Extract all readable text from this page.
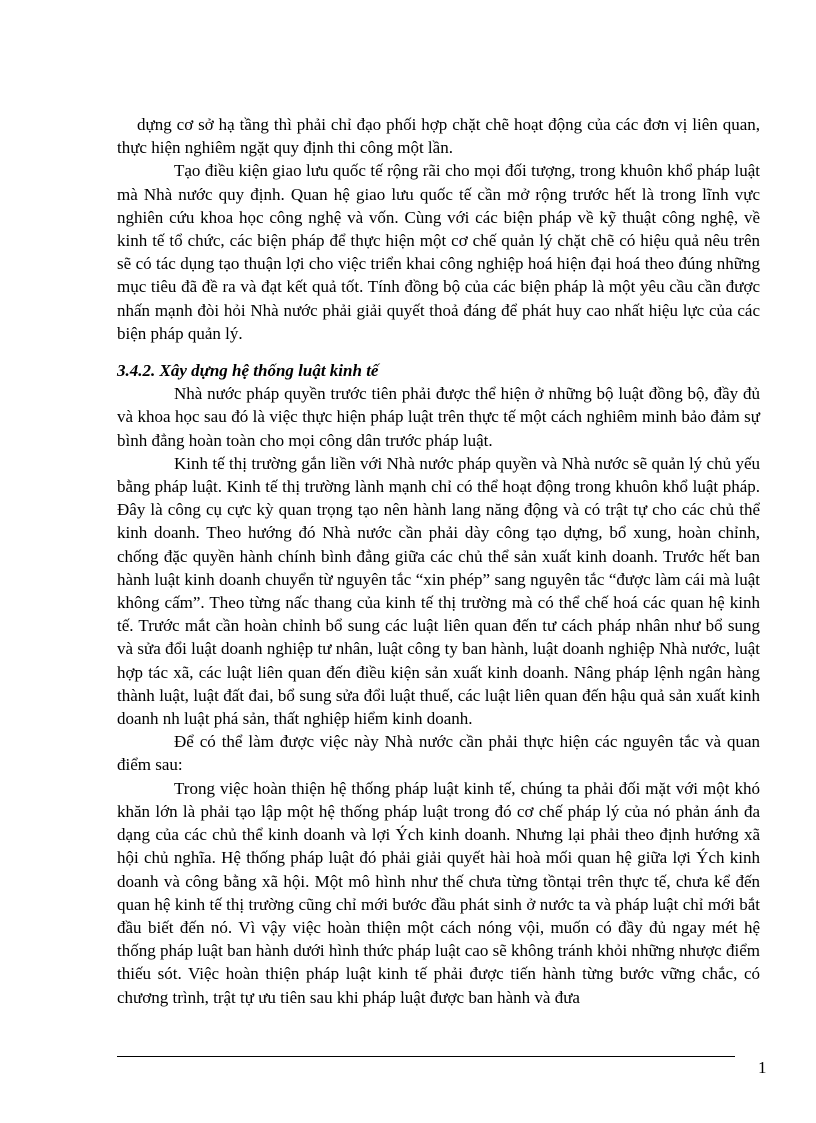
dựng cơ sở hạ tầng thì phải chỉ đạo phối hợp chặt chẽ hoạt động của các đơn vị liên quan, thực hiện nghiêm ngặt quy định thi công một lần.

Tạo điều kiện giao lưu quốc tế rộng rãi cho mọi đối tượng, trong khuôn khổ pháp luật mà Nhà nước quy định. Quan hệ giao lưu quốc tế cần mở rộng trước hết là trong lĩnh vực nghiên cứu khoa học công nghệ và vốn. Cùng với các biện pháp về kỹ thuật công nghệ, về kinh tế tổ chức, các biện pháp để thực hiện một cơ chế quản lý chặt chẽ có hiệu quả nêu trên sẽ có tác dụng tạo thuận lợi cho việc triển khai công nghiệp hoá hiện đại hoá theo đúng những mục tiêu đã đề ra và đạt kết quả tốt. Tính đồng bộ của các biện pháp là một yêu cầu cần được nhấn mạnh đòi hỏi Nhà nước phải giải quyết thoả đáng để phát huy cao nhất hiệu lực của các biện pháp quản lý.

3.4.2. Xây dựng hệ thống luật kinh tế

Nhà nước pháp quyền trước tiên phải được thể hiện ở những bộ luật đồng bộ, đầy đủ và khoa học sau đó là việc thực hiện pháp luật trên thực tế một cách nghiêm minh bảo đảm sự bình đẳng hoàn toàn cho mọi công dân trước pháp luật.

Kinh tế thị trường gắn liền với Nhà nước pháp quyền và Nhà nước sẽ quản lý chủ yếu bằng pháp luật. Kinh tế thị trường lành mạnh chỉ có thể hoạt động trong khuôn khổ luật pháp. Đây là công cụ cực kỳ quan trọng tạo nên hành lang năng động và có trật tự cho các chủ thể kinh doanh. Theo hướng đó Nhà nước cần phải dày công tạo dựng, bổ xung, hoàn chỉnh, chống đặc quyền hành chính bình đẳng giữa các chủ thể sản xuất kinh doanh. Trước hết ban hành luật kinh doanh chuyển từ nguyên tắc “xin phép” sang nguyên tắc “được làm cái mà luật không cấm”. Theo từng nấc thang của kinh tế thị trường mà có thể chế hoá các quan hệ kinh tế. Trước mắt cần hoàn chỉnh bổ sung các luật liên quan đến tư cách pháp nhân như bổ sung và sửa đổi luật doanh nghiệp tư nhân, luật công ty ban hành, luật doanh nghiệp Nhà nước, luật hợp tác xã, các luật liên quan đến điều kiện sản xuất kinh doanh. Nâng pháp lệnh ngân hàng thành luật, luật đất đai, bổ sung sửa đổi luật thuế, các luật liên quan đến hậu quả sản xuất kinh doanh nh luật phá sản, thất nghiệp hiểm kinh doanh.

Để có thể làm được việc này Nhà nước cần phải thực hiện các nguyên tắc và quan điểm sau:

Trong việc hoàn thiện hệ thống pháp luật kinh tế, chúng ta phải đối mặt với một khó khăn lớn là phải tạo lập một hệ thống pháp luật trong đó cơ chế pháp lý của nó phản ánh đa dạng của các chủ thể kinh doanh và lợi Ých kinh doanh. Nhưng lại phải theo định hướng xã hội chủ nghĩa. Hệ thống pháp luật đó phải giải quyết hài hoà mối quan hệ giữa lợi Ých kinh doanh và công bằng xã hội. Một mô hình như thế chưa từng tồntại trên thực tế, chưa kể đến quan hệ kinh tế thị trường cũng chỉ mới bước đầu phát sinh ở nước ta và pháp luật chỉ mới bắt đầu biết đến nó. Vì vậy việc hoàn thiện một cách nóng vội, muốn có đầy đủ ngay mét hệ thống pháp luật ban hành dưới hình thức pháp luật cao sẽ không tránh khỏi những nhược điểm thiếu sót. Việc hoàn thiện pháp luật kinh tế phải được tiến hành từng bước vững chắc, có chương trình, trật tự ưu tiên sau khi pháp luật được ban hành và đưa

1
